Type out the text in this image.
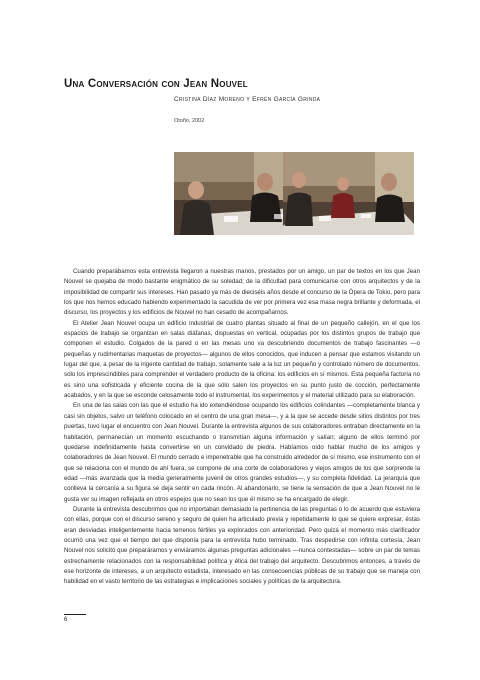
Una Conversación con Jean Nouvel
Cristina Díaz Moreno y Efrén García Grinda
Otoño, 2002

Cuando preparábamos esta entrevista llegaron a nuestras manos, prestados por un amigo, un par de textos en los que Jean Nouvel se quejaba de modo bastante enigmático de su soledad; de la dificultad para comunicarse con otros arquitectos y de la imposibilidad de compartir sus intereses. Han pasado ya más de dieciséis años desde el concurso de la Ópera de Tokio, pero para los que nos hemos educado habiendo experimentado la sacudida de ver por primera vez esa masa negra brillante y deformada, el discurso, los proyectos y los edificios de Nouvel no han cesado de acompañarnos.

El Atelier Jean Nouvel ocupa un edificio industrial de cuatro plantas situado al final de un pequeño callejón, en el que los espacios de trabajo se organizan en salas diáfanas, dispuestas en vertical, ocupadas por los distintos grupos de trabajo que componen el estudio. Colgados de la pared o en las mesas uno va descubriendo documentos de trabajo fascinantes —o pequeñas y rudimentarias maquetas de proyectos— algunos de ellos conocidos, que inducen a pensar que estamos visitando un lugar del que, a pesar de la ingente cantidad de trabajo, solamente sale a la luz un pequeño y controlado número de documentos, sólo los imprescindibles para comprender el verdadero producto de la oficina: los edificios en sí mismos. Esta pequeña factoría no es sino una sofisticada y eficiente cocina de la que sólo salen los proyectos en su punto justo de cocción, perfectamente acabados, y en la que se esconde celosamente todo el instrumental, los experimentos y el material utilizado para su elaboración.

En una de las salas con las que el estudio ha ido extendiéndose ocupando los edificios colindantes —completamente blanca y casi sin objetos, salvo un teléfono colocado en el centro de una gran mesa—, y a la que se accede desde sitios distintos por tres puertas, tuvo lugar el encuentro con Jean Nouvel. Durante la entrevista algunos de sus colaboradores entraban directamente en la habitación, permanecían un momento escuchando o transmitían alguna información y salían; alguno de ellos terminó por quedarse indefinidamente hasta convertirse en un convidado de piedra. Habíamos oído hablar mucho de los amigos y colaboradores de Jean Nouvel. El mundo cerrado e impenetrable que ha construido alrededor de sí mismo, ese instrumento con el que se relaciona con el mundo de ahí fuera, se compone de una corte de colaboradores y viejos amigos de los que sorprende la edad —más avanzada que la media generalmente juvenil de otros grandes estudios—, y su completa fidelidad. La jerarquía que conlleva la cercanía a su figura se deja sentir en cada rincón. Al abandonarlo, se tiene la sensación de que a Jean Nouvel no le gusta ver su imagen reflejada en otros espejos que no sean los que él mismo se ha encargado de elegir.

Durante la entrevista descubrimos que no importaban demasiado la pertinencia de las preguntas o lo de acuerdo que estuviera con ellas, porque con el discurso sereno y seguro de quien ha articulado previa y repetidamente lo que se quiere expresar, éstas eran desviadas inteligentemente hacia terrenos fértiles ya explorados con anterioridad. Pero quizá el momento más clarificador ocurrió una vez que el tiempo del que disponía para la entrevista hubo terminado. Tras despedirse con infinita cortesía, Jean Nouvel nos solicitó que preparáramos y enviáramos algunas preguntas adicionales —nunca contestadas— sobre un par de temas estrechamente relacionados con la responsabilidad política y ética del trabajo del arquitecto. Descubrimos entonces, a través de ese horizonte de intereses, a un arquitecto estadista, interesado en las consecuencias públicas de su trabajo que se maneja con habilidad en el vasto territorio de las estrategias e implicaciones sociales y políticas de la arquitectura.

6
